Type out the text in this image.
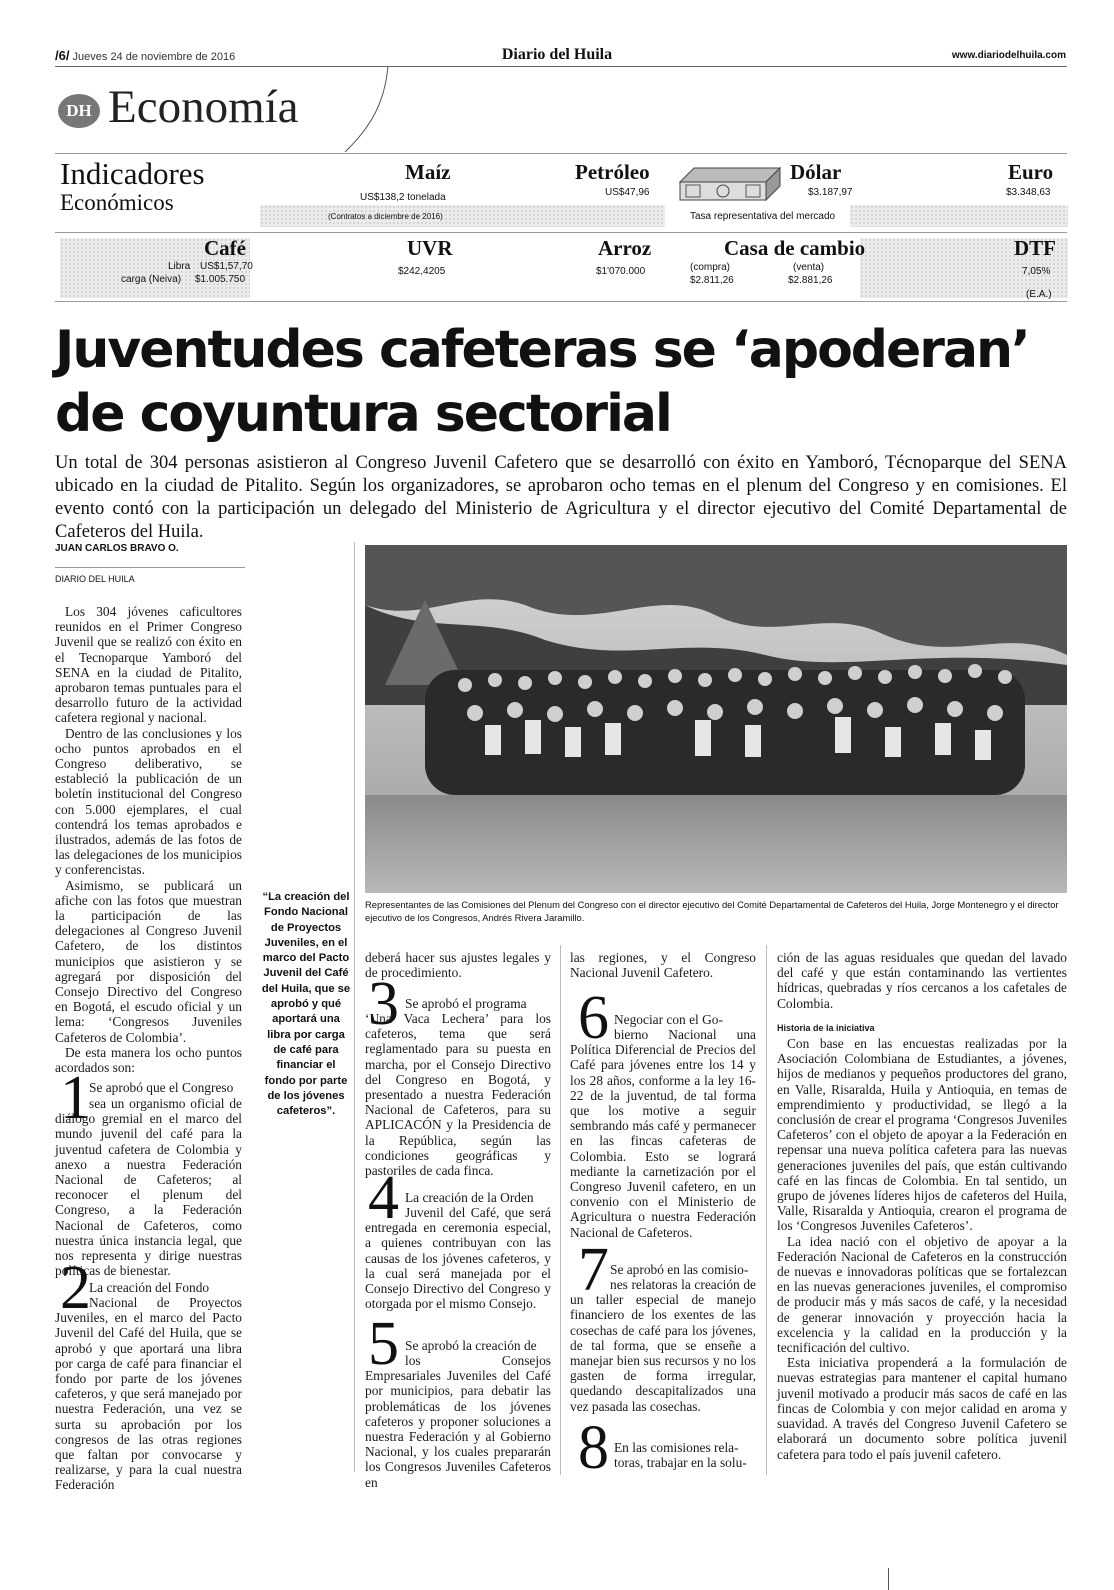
/6/ Jueves 24 de noviembre de 2016	Diario del Huila	www.diariodelhuila.com
DH Economía
Indicadores
Económicos
Maíz
US$138,2 tonelada
(Contratos a diciembre de 2016)
Petróleo
US$47,96
Dólar
$3.187,97
Tasa representativa del mercado
Euro
$3.348,63
Café
Libra US$1,57,70
carga (Neiva) $1.005.750
UVR
$242,4205
Arroz
$1'070.000
Casa de cambio
(compra)
$2.811,26
(venta)
$2.881,26
DTF
7,05%
(E.A.)
Juventudes cafeteras se ‘apoderan’
de coyuntura sectorial
Un total de 304 personas asistieron al Congreso Juvenil Cafetero que se desarrolló con éxito en Yamboró, Técnoparque del SENA ubicado en la ciudad de Pitalito. Según los organizadores, se aprobaron ocho temas en el plenum del Congreso y en comisiones. El evento contó con la participación un delegado del Ministerio de Agricultura y el director ejecutivo del Comité Departamental de Cafeteros del Huila.
JUAN CARLOS BRAVO O.
DIARIO DEL HUILA
Representantes de las Comisiones del Plenum del Congreso con el director ejecutivo del Comité Departamental de Cafeteros del Huila, Jorge Montenegro y el director ejecutivo de los Congresos, Andrés Rivera Jaramillo.
“La creación del Fondo Nacional de Proyectos Juveniles, en el marco del Pacto Juvenil del Café del Huila, que se aprobó y qué aportará una libra por carga de café para financiar el fondo por parte de los jóvenes cafeteros”.

Los 304 jóvenes caficultores reunidos en el Primer Congreso Juvenil que se realizó con éxito en el Tecnoparque Yamboró del SENA en la ciudad de Pitalito, aprobaron temas puntuales para el desarrollo futuro de la actividad cafetera regional y nacional.

Dentro de las conclusiones y los ocho puntos aprobados en el Congreso deliberativo, se estableció la publicación de un boletín institucional del Congreso con 5.000 ejemplares, el cual contendrá los temas aprobados e ilustrados, además de las fotos de las delegaciones de los municipios y conferencistas.

Asimismo, se publicará un afiche con las fotos que muestran la participación de las delegaciones al Congreso Juvenil Cafetero, de los distintos municipios que asistieron y se agregará por disposición del Consejo Directivo del Congreso en Bogotá, el escudo oficial y un lema: ‘Congresos Juveniles Cafeteros de Colombia’.

De esta manera los ocho puntos acordados son:

1

Se aprobó que el Congreso

sea un organismo oficial de diálogo gremial en el marco del mundo juvenil del café para la juventud cafetera de Colombia y anexo a nuestra Federación Nacional de Cafeteros; al reconocer el plenum del Congreso, a la Federación Nacional de Cafeteros, como nuestra única instancia legal, que nos representa y dirige nuestras políticas de bienestar.

2

La creación del Fondo

Nacional de Proyectos Juveniles, en el marco del Pacto Juvenil del Café del Huila, que se aprobó y que aportará una libra por carga de café para financiar el fondo por parte de los jóvenes cafeteros, y que será manejado por nuestra Federación, una vez se surta su aprobación por los congresos de las otras regiones que faltan por convocarse y realizarse, y para la cual nuestra Federación

deberá hacer sus ajustes legales y de procedimiento.

3 Se aprobó el programa

‘Una Vaca Lechera’ para los cafeteros, tema que será reglamentado para su puesta en marcha, por el Consejo Directivo del Congreso en Bogotá, y presentado a nuestra Federación Nacional de Cafeteros, para su APLICACÓN y la Presidencia de la República, según las condiciones geográficas y pastoriles de cada finca.

4 La creación de la Orden

Juvenil del Café, que será entregada en ceremonia especial, a quienes contribuyan con las causas de los jóvenes cafeteros, y la cual será manejada por el Consejo Directivo del Congreso y otorgada por el mismo Consejo.

5 Se aprobó la creación de

los Consejos Empresariales Juveniles del Café por municipios, para debatir las problemáticas de los jóvenes cafeteros y proponer soluciones a nuestra Federación y al Gobierno Nacional, y los cuales prepararán los Congresos Juveniles Cafeteros en

las regiones, y el Congreso Nacional Juvenil Cafetero.

6 Negociar con el Go-

bierno Nacional una Política Diferencial de Precios del Café para jóvenes entre los 14 y los 28 años, conforme a la ley 16-22 de la juventud, de tal forma que los motive a seguir sembrando más café y permanecer en las fincas cafeteras de Colombia. Esto se logrará mediante la carnetización por el Congreso Juvenil cafetero, en un convenio con el Ministerio de Agricultura o nuestra Federación Nacional de Cafeteros.

7 Se aprobó en las comisio-

nes relatoras la creación de un taller especial de manejo financiero de los exentes de las cosechas de café para los jóvenes, de tal forma, que se enseñe a manejar bien sus recursos y no los gasten de forma irregular, quedando descapitalizados una vez pasada las cosechas.

8 En las comisiones rela-

toras, trabajar en la solu-

ción de las aguas residuales que quedan del lavado del café y que están contaminando las vertientes hídricas, quebradas y ríos cercanos a los cafetales de Colombia.

Historia de la iniciativa

Con base en las encuestas realizadas por la Asociación Colombiana de Estudiantes, a jóvenes, hijos de medianos y pequeños productores del grano, en Valle, Risaralda, Huila y Antioquia, en temas de emprendimiento y productividad, se llegó a la conclusión de crear el programa ‘Congresos Juveniles Cafeteros’ con el objeto de apoyar a la Federación en repensar una nueva política cafetera para las nuevas generaciones juveniles del país, que están cultivando café en las fincas de Colombia. En tal sentido, un grupo de jóvenes líderes hijos de cafeteros del Huila, Valle, Risaralda y Antioquia, crearon el programa de los ‘Congresos Juveniles Cafeteros’.

La idea nació con el objetivo de apoyar a la Federación Nacional de Cafeteros en la construcción de nuevas e innovadoras políticas que se fortalezcan en las nuevas generaciones juveniles, el compromiso de producir más y más sacos de café, y la necesidad de generar innovación y proyección hacia la excelencia y la calidad en la producción y la tecnificación del cultivo.

Esta iniciativa propenderá a la formulación de nuevas estrategias para mantener el capital humano juvenil motivado a producir más sacos de café en las fincas de Colombia y con mejor calidad en aroma y suavidad. A través del Congreso Juvenil Cafetero se elaborará un documento sobre política juvenil cafetera para todo el país juvenil cafetero.
